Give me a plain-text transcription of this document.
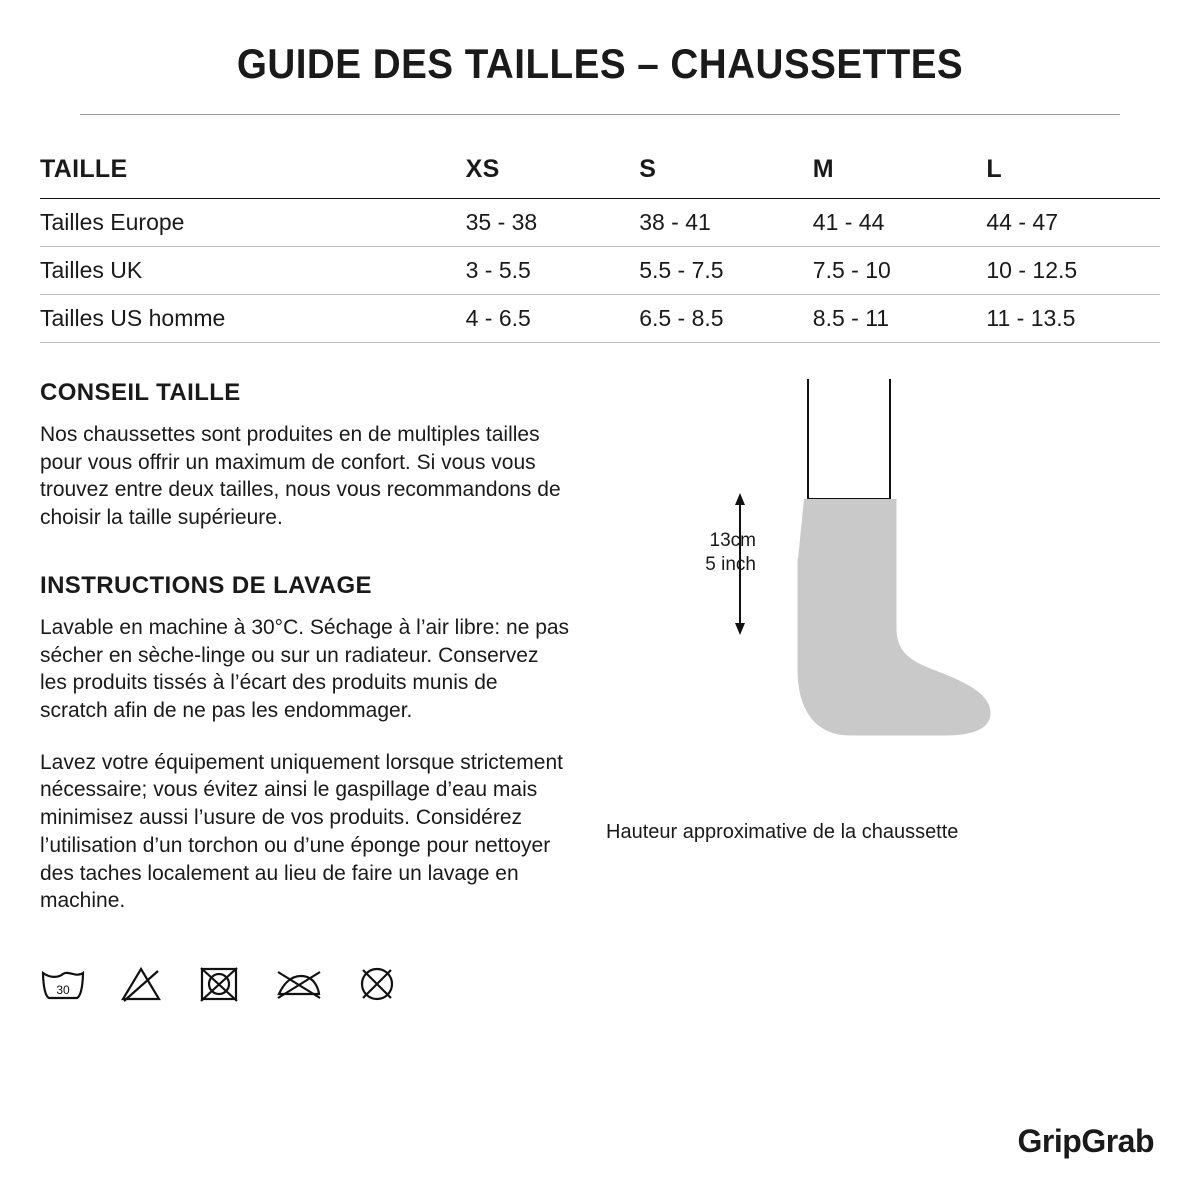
GUIDE DES TAILLES – CHAUSSETTES
TAILLE	XS	S	M	L
Tailles Europe	35 - 38	38 - 41	41 - 44	44 - 47
Tailles UK	3 - 5.5	5.5 - 7.5	7.5 - 10	10 - 12.5
Tailles US homme	4 - 6.5	6.5 - 8.5	8.5 - 11	11 - 13.5
CONSEIL TAILLE

Nos chaussettes sont produites en de multiples tailles pour vous offrir un maximum de confort. Si vous vous trouvez entre deux tailles, nous vous recommandons de choisir la taille supérieure.

INSTRUCTIONS DE LAVAGE

Lavable en machine à 30°C. Séchage à l’air libre: ne pas sécher en sèche-linge ou sur un radiateur. Conservez les produits tissés à l’écart des produits munis de scratch afin de ne pas les endommager.

Lavez votre équipement uniquement lorsque strictement nécessaire; vous évitez ainsi le gaspillage d’eau mais minimisez aussi l’usure de vos produits. Considérez l’utilisation d’un torchon ou d’une éponge pour nettoyer des taches localement au lieu de faire un lavage en machine.

30
13cm
5 inch
Hauteur approximative de la chaussette
GripGrab
